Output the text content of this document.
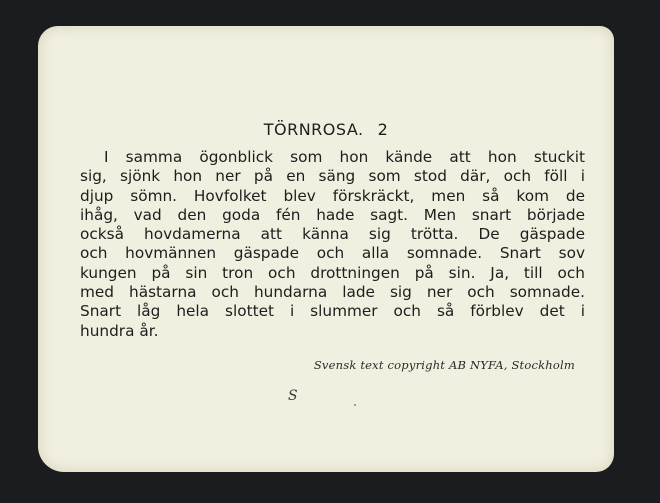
TÖRNROSA. 2

I samma ögonblick som hon kände att hon stuckit
sig, sjönk hon ner på en säng som stod där, och föll i
djup sömn. Hovfolket blev förskräckt, men så kom de
ihåg, vad den goda fén hade sagt. Men snart började
också hovdamerna att känna sig trötta. De gäspade
och hovmännen gäspade och alla somnade. Snart sov
kungen på sin tron och drottningen på sin. Ja, till och
med hästarna och hundarna lade sig ner och somnade.
Snart låg hela slottet i slummer och så förblev det i
hundra år.

Svensk text copyright AB NYFA, Stockholm
S
